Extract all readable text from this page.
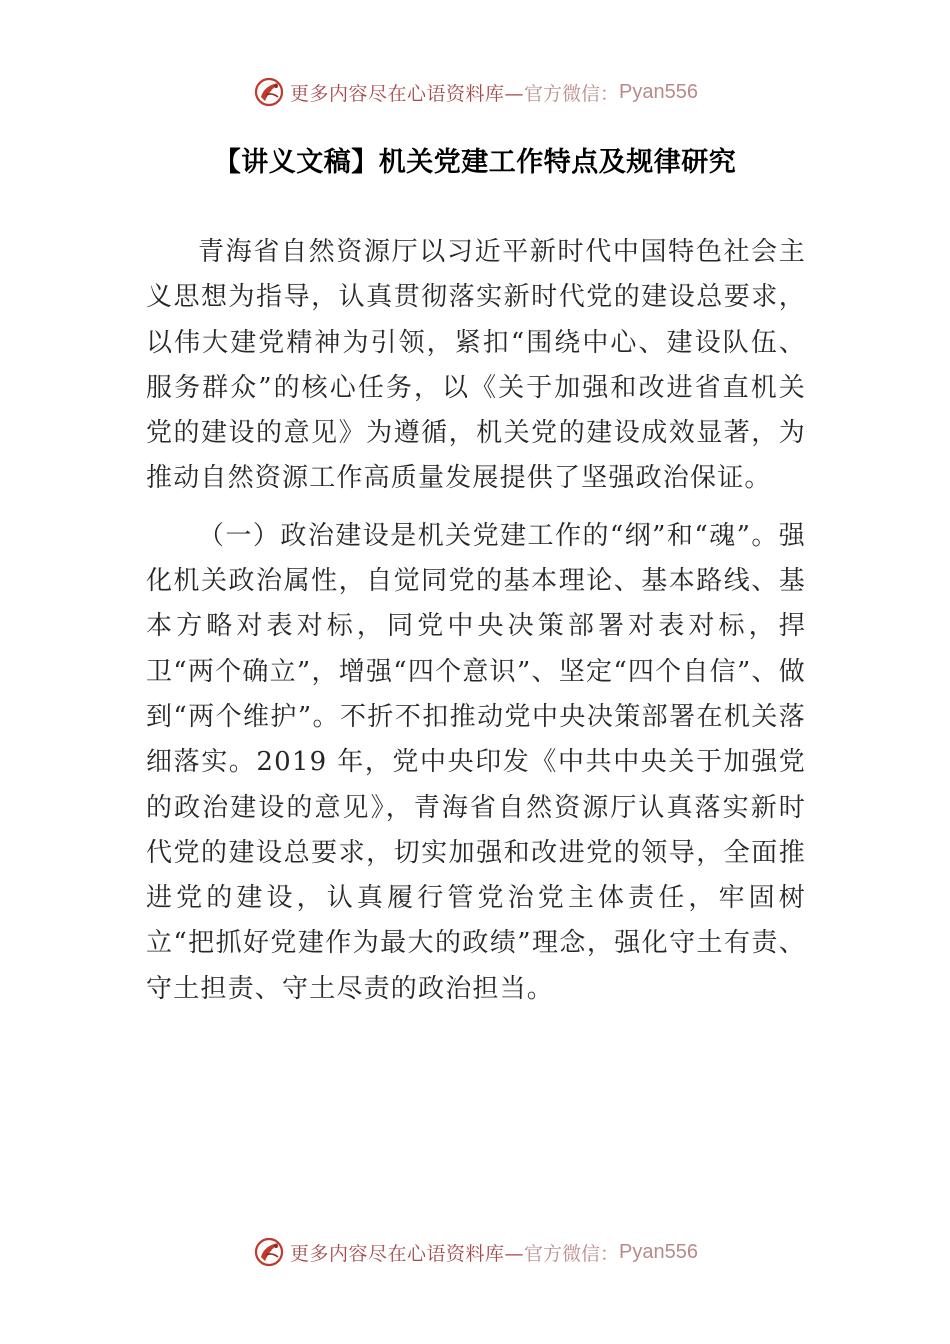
更多内容尽在心语资料库— 官方微信： Pyan556
【讲义文稿】机关党建工作特点及规律研究

青海省自然资源厅以习近平新时代中国特色社会主义思想为指导，认真贯彻落实新时代党的建设总要求，以伟大建党精神为引领，紧扣“围绕中心、建设队伍、服务群众”的核心任务，以《关于加强和改进省直机关党的建设的意见》为遵循，机关党的建设成效显著，为推动自然资源工作高质量发展提供了坚强政治保证。

（一）政治建设是机关党建工作的“纲”和“魂”。强化机关政治属性，自觉同党的基本理论、基本路线、基本方略对表对标，同党中央决策部署对表对标，捍卫“两个确立”，增强“四个意识”、坚定“四个自信”、做到“两个维护”。不折不扣推动党中央决策部署在机关落细落实。2019 年，党中央印发《中共中央关于加强党的政治建设的意见》，青海省自然资源厅认真落实新时代党的建设总要求，切实加强和改进党的领导，全面推进党的建设，认真履行管党治党主体责任，牢固树立“把抓好党建作为最大的政绩”理念，强化守土有责、守土担责、守土尽责的政治担当。

更多内容尽在心语资料库— 官方微信： Pyan556
